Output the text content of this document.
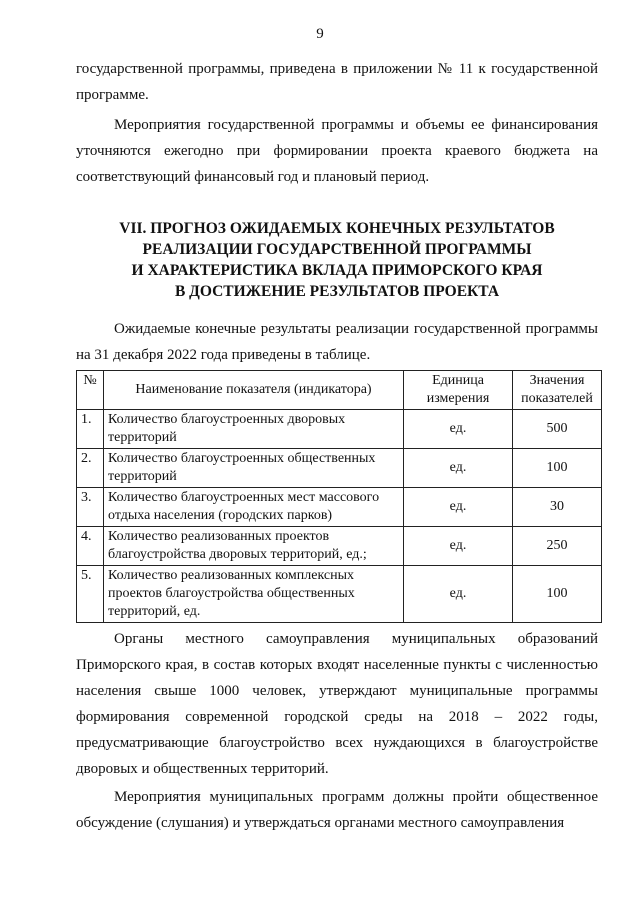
9

государственной программы, приведена в приложении № 11 к государственной программе.

Мероприятия государственной программы и объемы ее финансирования уточняются ежегодно при формировании проекта краевого бюджета на соответствующий финансовый год и плановый период.

VII. ПРОГНОЗ ОЖИДАЕМЫХ КОНЕЧНЫХ РЕЗУЛЬТАТОВ
РЕАЛИЗАЦИИ ГОСУДАРСТВЕННОЙ ПРОГРАММЫ
И ХАРАКТЕРИСТИКА ВКЛАДА ПРИМОРСКОГО КРАЯ
В ДОСТИЖЕНИЕ РЕЗУЛЬТАТОВ ПРОЕКТА

Ожидаемые конечные результаты реализации государственной программы на 31 декабря 2022 года приведены в таблице.

№	Наименование показателя (индикатора)	Единица измерения	Значения показателей
1.	Количество благоустроенных дворовых территорий	ед.	500
2.	Количество благоустроенных общественных территорий	ед.	100
3.	Количество благоустроенных мест массового отдыха населения (городских парков)	ед.	30
4.	Количество реализованных проектов благоустройства дворовых территорий, ед.;	ед.	250
5.	Количество реализованных комплексных проектов благоустройства общественных территорий, ед.	ед.	100

Органы местного самоуправления муниципальных образований Приморского края, в состав которых входят населенные пункты с численностью населения свыше 1000 человек, утверждают муниципальные программы формирования современной городской среды на 2018 – 2022 годы, предусматривающие благоустройство всех нуждающихся в благоустройстве дворовых и общественных территорий.

Мероприятия муниципальных программ должны пройти общественное обсуждение (слушания) и утверждаться органами местного самоуправления
